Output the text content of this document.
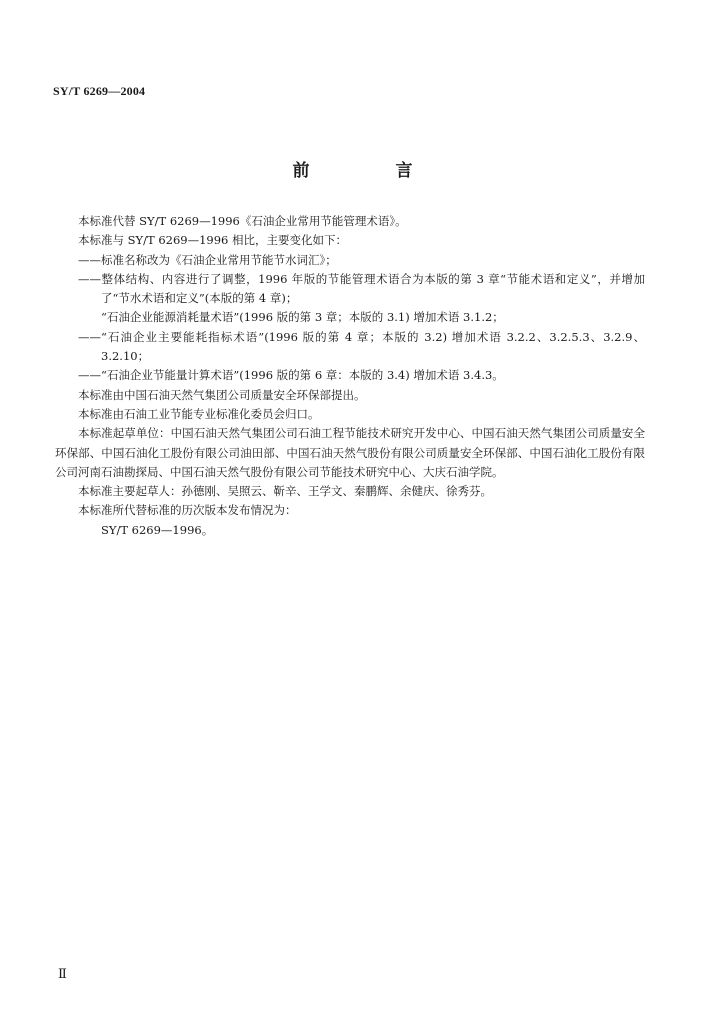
SY/T 6269—2004
前 言

本标准代替 SY/T 6269—1996《石油企业常用节能管理术语》。

本标准与 SY/T 6269—1996 相比，主要变化如下：

——标准名称改为《石油企业常用节能节水词汇》；

——整体结构、内容进行了调整，1996 年版的节能管理术语合为本版的第 3 章“节能术语和定义”，并增加了“节水术语和定义”(本版的第 4 章)；

“石油企业能源消耗量术语”(1996 版的第 3 章；本版的 3.1) 增加术语 3.1.2；

——“石油企业主要能耗指标术语”(1996 版的第 4 章；本版的 3.2) 增加术语 3.2.2、3.2.5.3、3.2.9、3.2.10；

——“石油企业节能量计算术语”(1996 版的第 6 章：本版的 3.4) 增加术语 3.4.3。

本标准由中国石油天然气集团公司质量安全环保部提出。

本标准由石油工业节能专业标准化委员会归口。

本标准起草单位：中国石油天然气集团公司石油工程节能技术研究开发中心、中国石油天然气集团公司质量安全环保部、中国石油化工股份有限公司油田部、中国石油天然气股份有限公司质量安全环保部、中国石油化工股份有限公司河南石油勘探局、中国石油天然气股份有限公司节能技术研究中心、大庆石油学院。

本标准主要起草人：孙德刚、吴照云、靳辛、王学文、秦鹏辉、余健庆、徐秀芬。

本标准所代替标准的历次版本发布情况为：

SY/T 6269—1996。

Ⅱ
